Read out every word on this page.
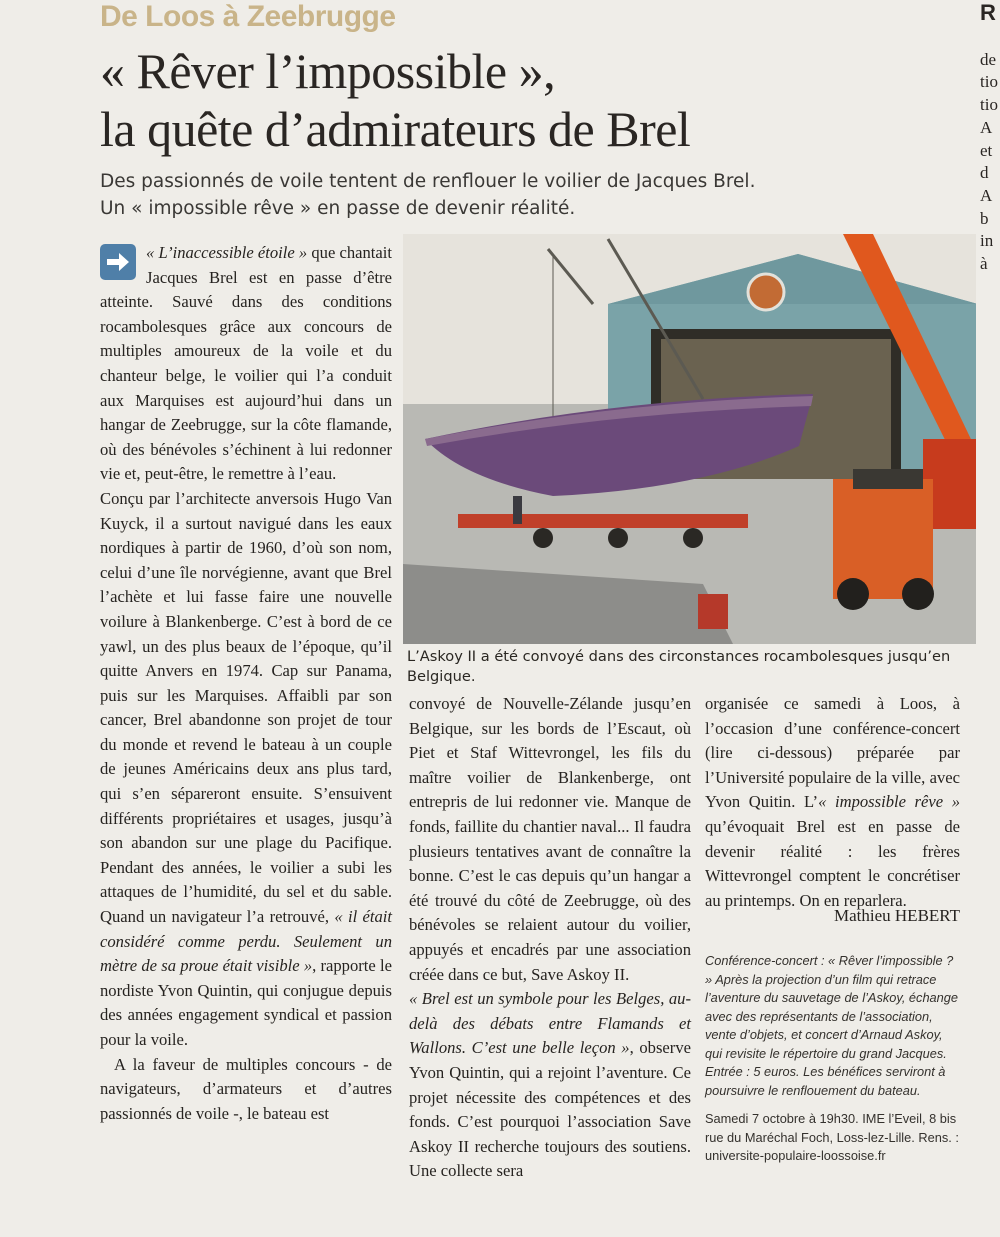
De Loos à Zeebrugge
« Rêver l’impossible »,
la quête d’admirateurs de Brel
Des passionnés de voile tentent de renflouer le voilier de Jacques Brel.
Un « impossible rêve » en passe de devenir réalité.

« L’inaccessible étoile » que chantait Jacques Brel est en passe d’être atteinte. Sauvé dans des conditions rocambolesques grâce aux concours de multiples amoureux de la voile et du chanteur belge, le voilier qui l’a conduit aux Marquises est aujourd’hui dans un hangar de Zeebrugge, sur la côte flamande, où des bénévoles s’échinent à lui redonner vie et, peut-être, le remettre à l’eau.

Conçu par l’architecte anversois Hugo Van Kuyck, il a surtout navigué dans les eaux nordiques à partir de 1960, d’où son nom, celui d’une île norvégienne, avant que Brel l’achète et lui fasse faire une nouvelle voilure à Blankenberge. C’est à bord de ce yawl, un des plus beaux de l’époque, qu’il quitte Anvers en 1974. Cap sur Panama, puis sur les Marquises. Affaibli par son cancer, Brel abandonne son projet de tour du monde et revend le bateau à un couple de jeunes Américains deux ans plus tard, qui s’en sépareront ensuite. S’ensuivent différents propriétaires et usages, jusqu’à son abandon sur une plage du Pacifique. Pendant des années, le voilier a subi les attaques de l’humidité, du sel et du sable. Quand un navigateur l’a retrouvé, « il était considéré comme perdu. Seulement un mètre de sa proue était visible », rapporte le nordiste Yvon Quintin, qui conjugue depuis des années engagement syndical et passion pour la voile.

A la faveur de multiples concours - de navigateurs, d’armateurs et d’autres passionnés de voile -, le bateau est

L’Askoy II a été convoyé dans des circonstances rocambolesques jusqu’en Belgique.

convoyé de Nouvelle-Zélande jusqu’en Belgique, sur les bords de l’Escaut, où Piet et Staf Wittevrongel, les fils du maître voilier de Blankenberge, ont entrepris de lui redonner vie. Manque de fonds, faillite du chantier naval... Il faudra plusieurs tentatives avant de connaître la bonne. C’est le cas depuis qu’un hangar a été trouvé du côté de Zeebrugge, où des bénévoles se relaient autour du voilier, appuyés et encadrés par une association créée dans ce but, Save Askoy II.

« Brel est un symbole pour les Belges, au-delà des débats entre Flamands et Wallons. C’est une belle leçon », observe Yvon Quintin, qui a rejoint l’aventure. Ce projet nécessite des compétences et des fonds. C’est pourquoi l’association Save Askoy II recherche toujours des soutiens. Une collecte sera

organisée ce samedi à Loos, à l’occasion d’une conférence-concert (lire ci-dessous) préparée par l’Université populaire de la ville, avec Yvon Quitin. L’« impossible rêve » qu’évoquait Brel est en passe de devenir réalité : les frères Wittevrongel comptent le concrétiser au printemps. On en reparlera.

Mathieu HEBERT
Conférence-concert : « Rêver l’impossible ? » Après la projection d’un film qui retrace l’aventure du sauvetage de l’Askoy, échange avec des représentants de l’association, vente d’objets, et concert d’Arnaud Askoy, qui revisite le répertoire du grand Jacques.
Entrée : 5 euros. Les bénéfices serviront à poursuivre le renflouement du bateau.
Samedi 7 octobre à 19h30. IME l’Eveil, 8 bis rue du Maréchal Foch, Loss-lez-Lille. Rens. : universite-populaire-loossoise.fr
R
de
tio
tio
A
et
d
A
b
in
à
